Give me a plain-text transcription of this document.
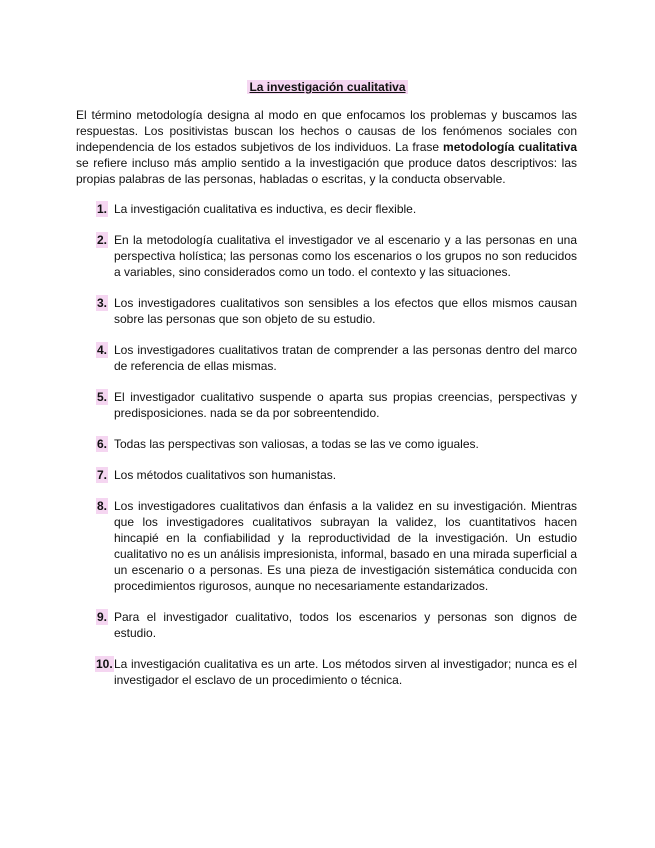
La investigación cualitativa

El término metodología designa al modo en que enfocamos los problemas y buscamos las respuestas. Los positivistas buscan los hechos o causas de los fenómenos sociales con independencia de los estados subjetivos de los individuos. La frase metodología cualitativa se refiere incluso más amplio sentido a la investigación que produce datos descriptivos: las propias palabras de las personas, habladas o escritas, y la conducta observable.

1. La investigación cualitativa es inductiva, es decir flexible.
2. En la metodología cualitativa el investigador ve al escenario y a las personas en una perspectiva holística; las personas como los escenarios o los grupos no son reducidos a variables, sino considerados como un todo. el contexto y las situaciones.
3. Los investigadores cualitativos son sensibles a los efectos que ellos mismos causan sobre las personas que son objeto de su estudio.
4. Los investigadores cualitativos tratan de comprender a las personas dentro del marco de referencia de ellas mismas.
5. El investigador cualitativo suspende o aparta sus propias creencias, perspectivas y predisposiciones. nada se da por sobreentendido.
6. Todas las perspectivas son valiosas, a todas se las ve como iguales.
7. Los métodos cualitativos son humanistas.
8. Los investigadores cualitativos dan énfasis a la validez en su investigación. Mientras que los investigadores cualitativos subrayan la validez, los cuantitativos hacen hincapié en la confiabilidad y la reproductividad de la investigación. Un estudio cualitativo no es un análisis impresionista, informal, basado en una mirada superficial a un escenario o a personas. Es una pieza de investigación sistemática conducida con procedimientos rigurosos, aunque no necesariamente estandarizados.
9. Para el investigador cualitativo, todos los escenarios y personas son dignos de estudio.
10. La investigación cualitativa es un arte. Los métodos sirven al investigador; nunca es el investigador el esclavo de un procedimiento o técnica.
